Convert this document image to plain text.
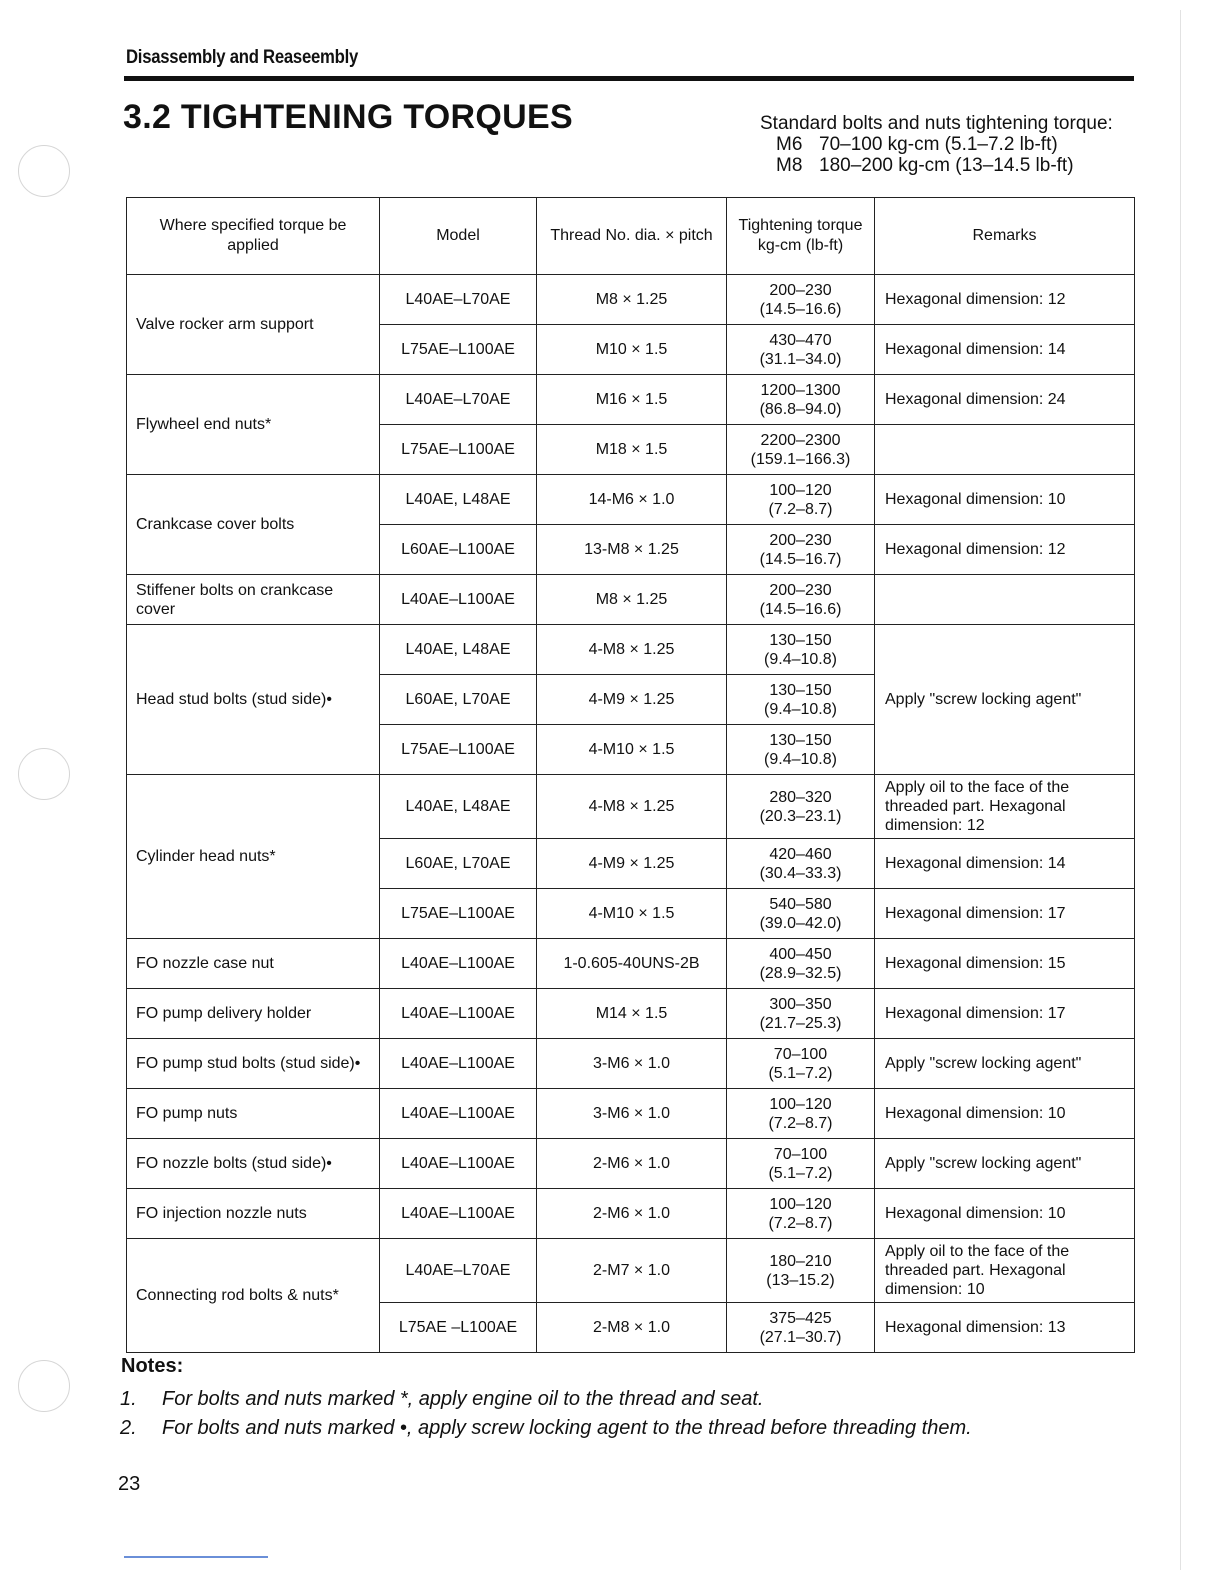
Disassembly and Reaseembly
3.2 TIGHTENING TORQUES	Standard bolts and nuts tightening torque:
M6 70–100 kg-cm (5.1–7.2 lb-ft)
M8 180–200 kg-cm (13–14.5 lb-ft)
Where specified torque be applied	Model	Thread No. dia. × pitch	Tightening torque kg-cm (lb-ft)	Remarks
Valve rocker arm support	L40AE–L70AE	M8 × 1.25	200–230
(14.5–16.6)	Hexagonal dimension: 12
	L75AE–L100AE	M10 × 1.5	430–470
(31.1–34.0)	Hexagonal dimension: 14
Flywheel end nuts*	L40AE–L70AE	M16 × 1.5	1200–1300
(86.8–94.0)	Hexagonal dimension: 24
	L75AE–L100AE	M18 × 1.5	2200–2300
(159.1–166.3)	

Crankcase cover bolts	L40AE, L48AE	14-M6 × 1.0	100–120
(7.2–8.7)	Hexagonal dimension: 10
	L60AE–L100AE	13-M8 × 1.25	200–230
(14.5–16.7)	Hexagonal dimension: 12
Stiffener bolts on crankcase cover	L40AE–L100AE	M8 × 1.25	200–230
(14.5–16.6)	

Head stud bolts (stud side)•	L40AE, L48AE	4-M8 × 1.25	130–150
(9.4–10.8)	Apply "screw locking agent"
	L60AE, L70AE	4-M9 × 1.25	130–150
(9.4–10.8)	

	L75AE–L100AE	4-M10 × 1.5	130–150
(9.4–10.8)	

Cylinder head nuts*	L40AE, L48AE	4-M8 × 1.25	280–320
(20.3–23.1)	Apply oil to the face of the threaded part. Hexagonal dimension: 12
	L60AE, L70AE	4-M9 × 1.25	420–460
(30.4–33.3)	Hexagonal dimension: 14
	L75AE–L100AE	4-M10 × 1.5	540–580
(39.0–42.0)	Hexagonal dimension: 17
FO nozzle case nut	L40AE–L100AE	1-0.605-40UNS-2B	400–450
(28.9–32.5)	Hexagonal dimension: 15
FO pump delivery holder	L40AE–L100AE	M14 × 1.5	300–350
(21.7–25.3)	Hexagonal dimension: 17
FO pump stud bolts (stud side)•	L40AE–L100AE	3-M6 × 1.0	70–100
(5.1–7.2)	Apply "screw locking agent"
FO pump nuts	L40AE–L100AE	3-M6 × 1.0	100–120
(7.2–8.7)	Hexagonal dimension: 10
FO nozzle bolts (stud side)•	L40AE–L100AE	2-M6 × 1.0	70–100
(5.1–7.2)	Apply "screw locking agent"
FO injection nozzle nuts	L40AE–L100AE	2-M6 × 1.0	100–120
(7.2–8.7)	Hexagonal dimension: 10
Connecting rod bolts & nuts*	L40AE–L70AE	2-M7 × 1.0	180–210
(13–15.2)	Apply oil to the face of the threaded part. Hexagonal dimension: 10
	L75AE –L100AE	2-M8 × 1.0	375–425
(27.1–30.7)	Hexagonal dimension: 13
Notes:
1. For bolts and nuts marked *, apply engine oil to the thread and seat.
2. For bolts and nuts marked •, apply screw locking agent to the thread before threading them.
23
